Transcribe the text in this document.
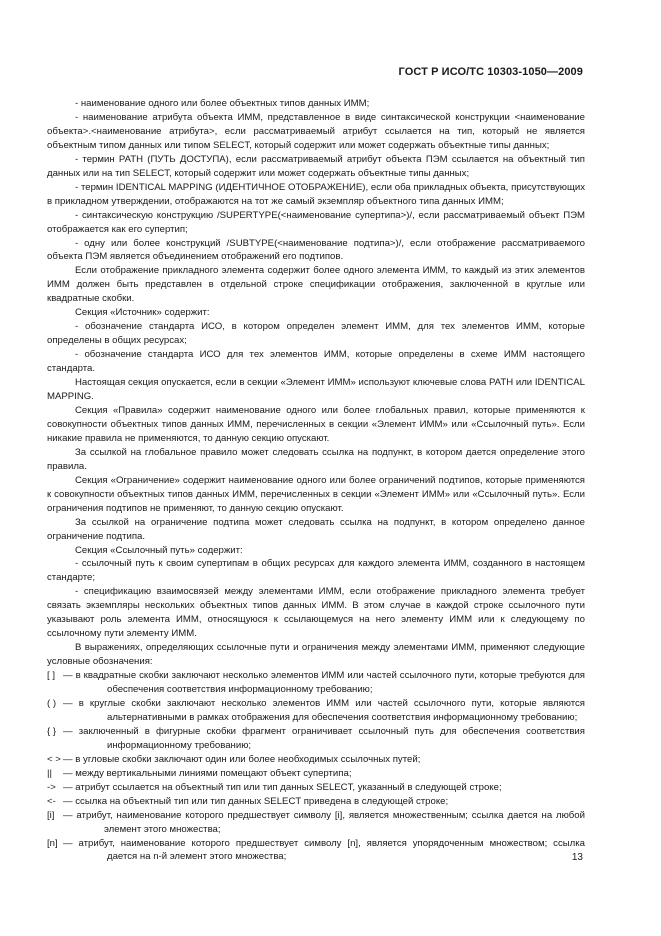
ГОСТ Р ИСО/ТС 10303-1050—2009

- наименование одного или более объектных типов данных ИММ;

- наименование атрибута объекта ИММ, представленное в виде синтаксической конструкции <наименование объекта>.<наименование атрибута>, если рассматриваемый атрибут ссылается на тип, который не является объектным типом данных или типом SELECT, который содержит или может содержать объектные типы данных;

- термин PATH (ПУТЬ ДОСТУПА), если рассматриваемый атрибут объекта ПЭМ ссылается на объектный тип данных или на тип SELECT, который содержит или может содержать объектные типы данных;

- термин IDENTICAL MAPPING (ИДЕНТИЧНОЕ ОТОБРАЖЕНИЕ), если оба прикладных объекта, присутствующих в прикладном утверждении, отображаются на тот же самый экземпляр объектного типа данных ИММ;

- синтаксическую конструкцию /SUPERTYPE(<наименование супертипа>)/, если рассматриваемый объект ПЭМ отображается как его супертип;

- одну или более конструкций /SUBTYPE(<наименование подтипа>)/, если отображение рассматриваемого объекта ПЭМ является объединением отображений его подтипов.

Если отображение прикладного элемента содержит более одного элемента ИММ, то каждый из этих элементов ИММ должен быть представлен в отдельной строке спецификации отображения, заключенной в круглые или квадратные скобки.

Секция «Источник» содержит:

- обозначение стандарта ИСО, в котором определен элемент ИММ, для тех элементов ИММ, которые определены в общих ресурсах;

- обозначение стандарта ИСО для тех элементов ИММ, которые определены в схеме ИММ настоящего стандарта.

Настоящая секция опускается, если в секции «Элемент ИММ» используют ключевые слова PATH или IDENTICAL MAPPING.

Секция «Правила» содержит наименование одного или более глобальных правил, которые применяются к совокупности объектных типов данных ИММ, перечисленных в секции «Элемент ИММ» или «Ссылочный путь». Если никакие правила не применяются, то данную секцию опускают.

За ссылкой на глобальное правило может следовать ссылка на подпункт, в котором дается определение этого правила.

Секция «Ограничение» содержит наименование одного или более ограничений подтипов, которые применяются к совокупности объектных типов данных ИММ, перечисленных в секции «Элемент ИММ» или «Ссылочный путь». Если ограничения подтипов не применяют, то данную секцию опускают.

За ссылкой на ограничение подтипа может следовать ссылка на подпункт, в котором определено данное ограничение подтипа.

Секция «Ссылочный путь» содержит:

- ссылочный путь к своим супертипам в общих ресурсах для каждого элемента ИММ, созданного в настоящем стандарте;

- спецификацию взаимосвязей между элементами ИММ, если отображение прикладного элемента требует связать экземпляры нескольких объектных типов данных ИММ. В этом случае в каждой строке ссылочного пути указывают роль элемента ИММ, относящуюся к ссылающемуся на него элементу ИММ или к следующему по ссылочному пути элементу ИММ.

В выражениях, определяющих ссылочные пути и ограничения между элементами ИММ, применяют следующие условные обозначения:

[ ] — в квадратные скобки заключают несколько элементов ИММ или частей ссылочного пути, которые требуются для обеспечения соответствия информационному требованию;
( ) — в круглые скобки заключают несколько элементов ИММ или частей ссылочного пути, которые являются альтернативными в рамках отображения для обеспечения соответствия информационному требованию;
{ } — заключенный в фигурные скобки фрагмент ограничивает ссылочный путь для обеспечения соответствия информационному требованию;
< > — в угловые скобки заключают один или более необходимых ссылочных путей;
||	— между вертикальными линиями помещают объект супертипа;
-> — атрибут ссылается на объектный тип или тип данных SELECT, указанный в следующей строке;
<- — ссылка на объектный тип или тип данных SELECT приведена в следующей строке;
[i] — атрибут, наименование которого предшествует символу [i], является множественным; ссылка дается на любой элемент этого множества;
[n] — атрибут, наименование которого предшествует символу [n], является упорядоченным множеством; ссылка дается на n-й элемент этого множества;	13
